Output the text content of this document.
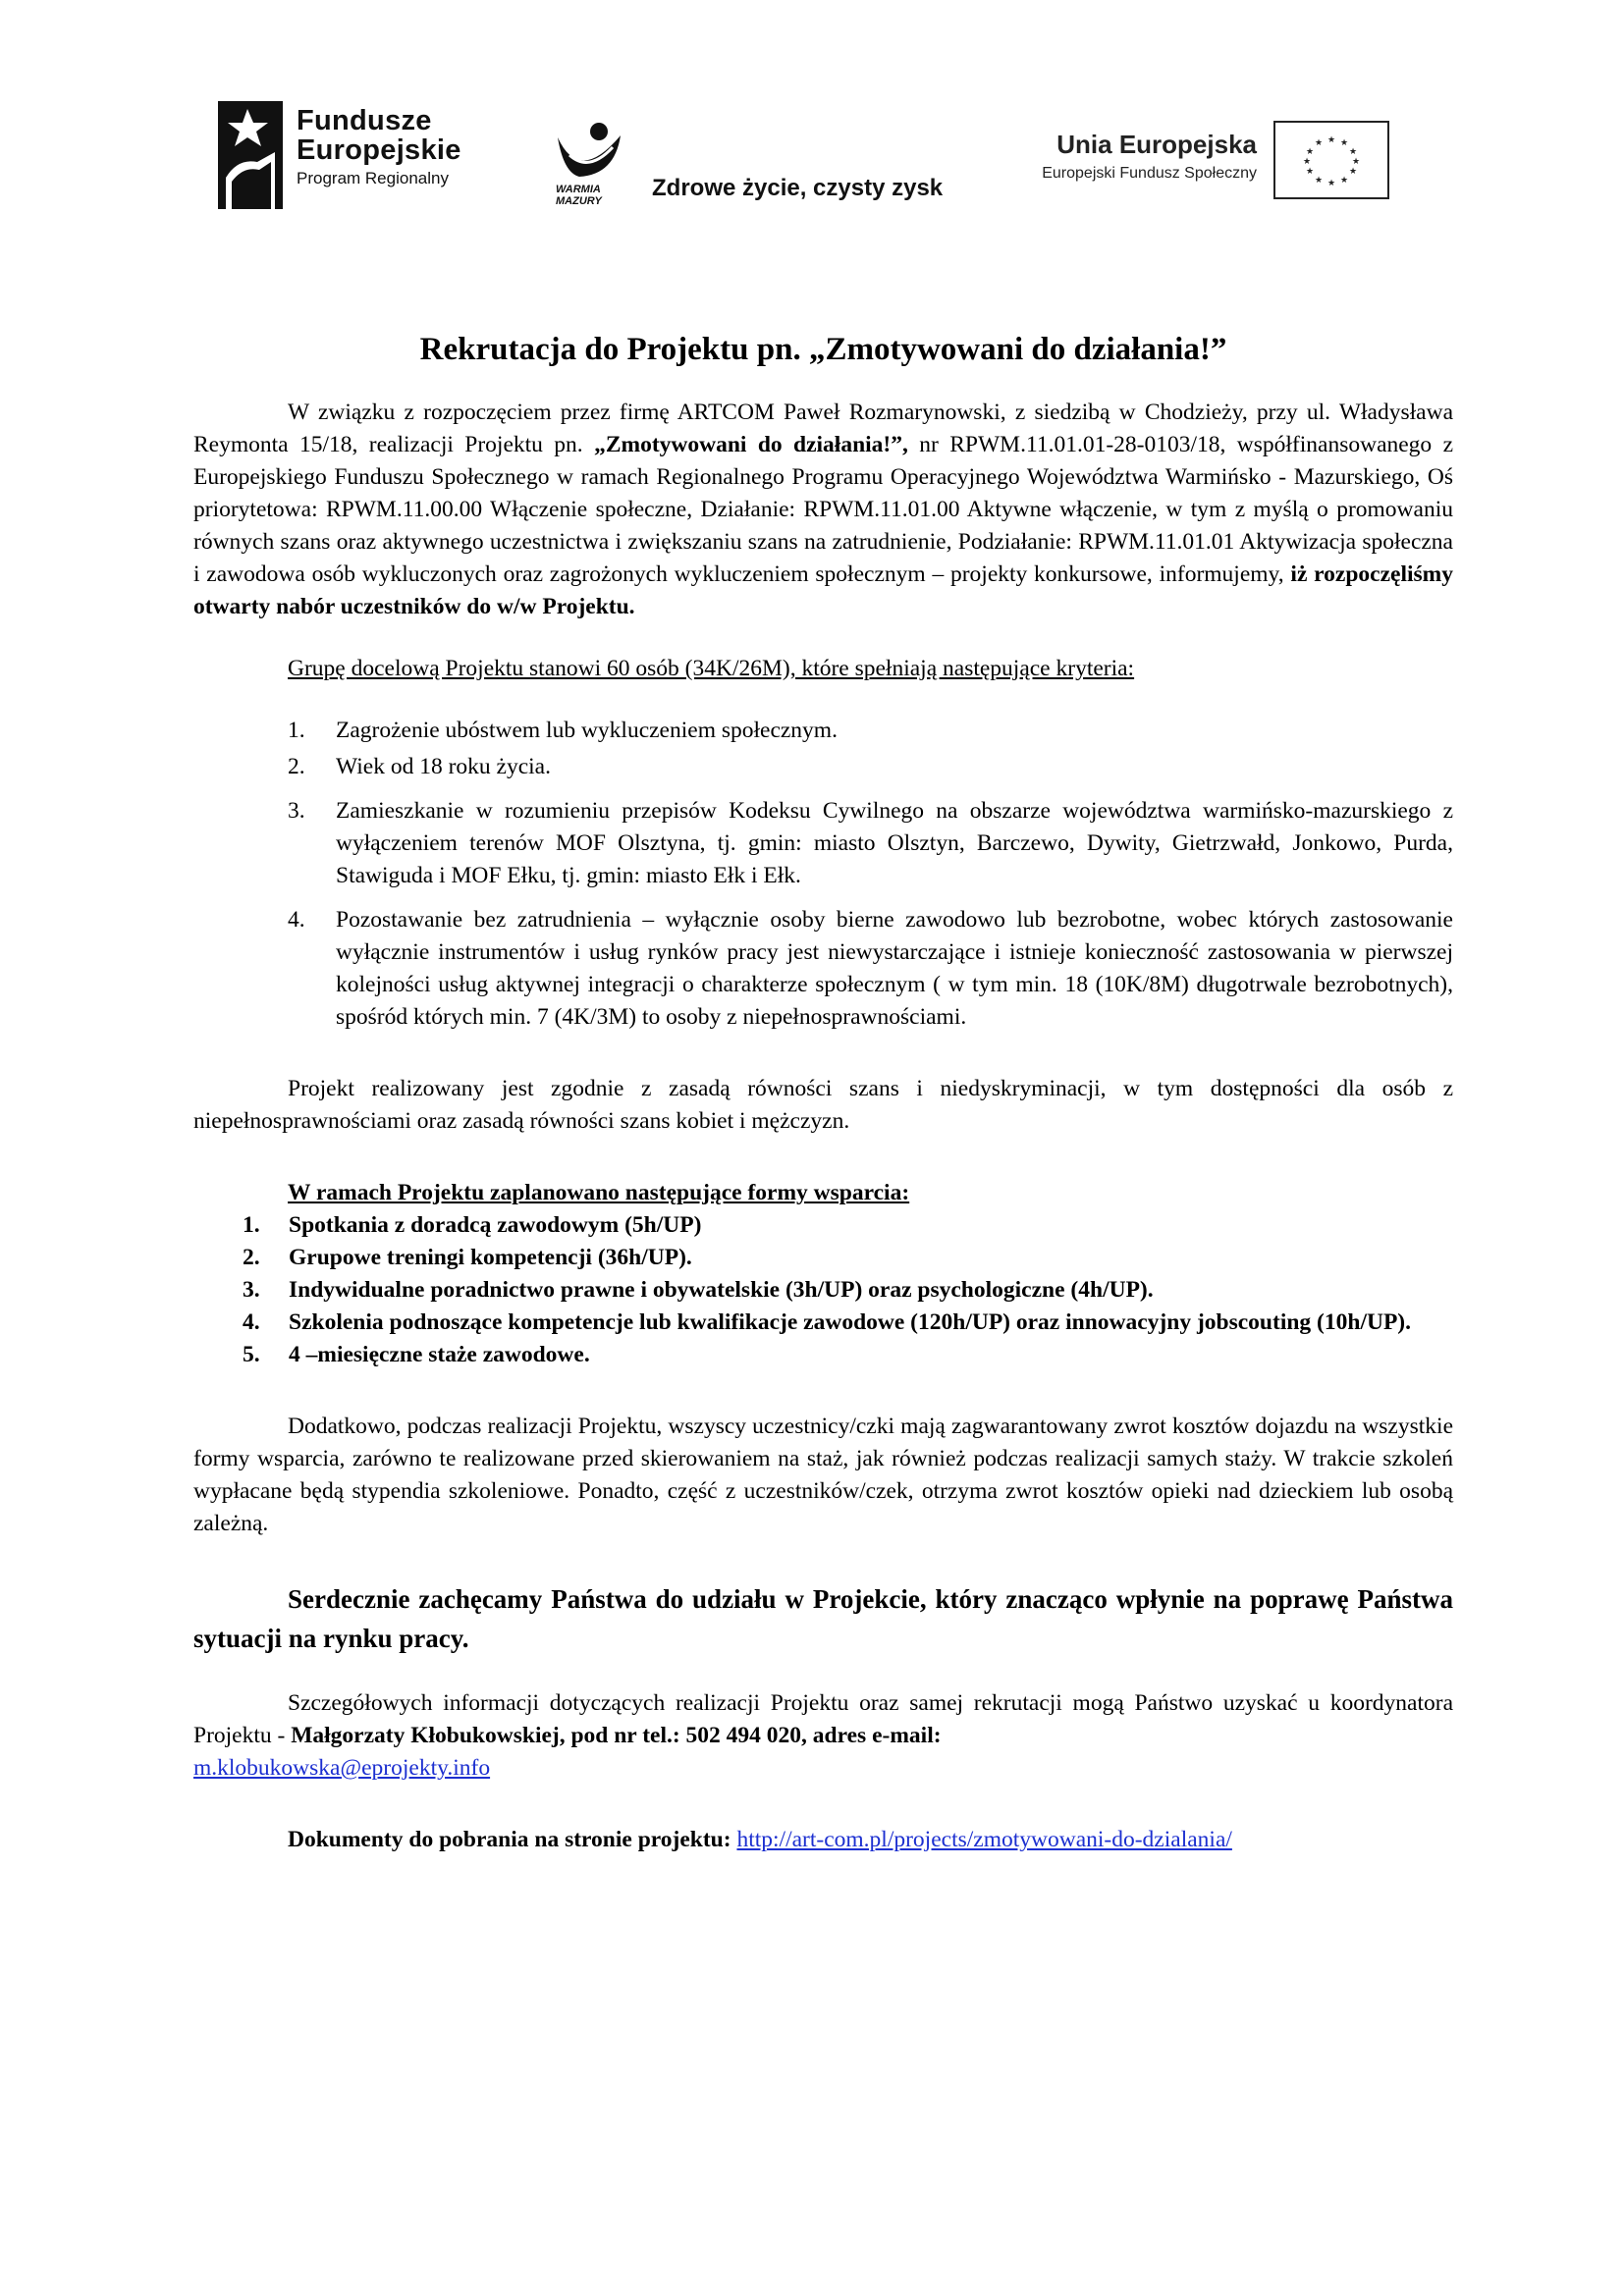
Fundusze
Europejskie
Program Regionalny
WARMIA
MAZURY Zdrowe życie, czysty zysk
Unia Europejska
Europejski Fundusz Społeczny
★ ★
★
★
★
★
★
★
★
★
★
★
Rekrutacja do Projektu pn. „Zmotywowani do działania!”

W związku z rozpoczęciem przez firmę ARTCOM Paweł Rozmarynowski, z siedzibą w Chodzieży, przy ul. Władysława Reymonta 15/18, realizacji Projektu pn. „Zmotywowani do działania!”, nr RPWM.11.01.01-28-0103/18, współfinansowanego z Europejskiego Funduszu Społecznego w ramach Regionalnego Programu Operacyjnego Województwa Warmińsko - Mazurskiego, Oś priorytetowa: RPWM.11.00.00 Włączenie społeczne, Działanie: RPWM.11.01.00 Aktywne włączenie, w tym z myślą o promowaniu równych szans oraz aktywnego uczestnictwa i zwiększaniu szans na zatrudnienie, Podziałanie: RPWM.11.01.01 Aktywizacja społeczna i zawodowa osób wykluczonych oraz zagrożonych wykluczeniem społecznym – projekty konkursowe, informujemy, iż rozpoczęliśmy otwarty nabór uczestników do w/w Projektu.

Grupę docelową Projektu stanowi 60 osób (34K/26M), które spełniają następujące kryteria:

1. Zagrożenie ubóstwem lub wykluczeniem społecznym.
2. Wiek od 18 roku życia.
3. Zamieszkanie w rozumieniu przepisów Kodeksu Cywilnego na obszarze województwa warmińsko-mazurskiego z wyłączeniem terenów MOF Olsztyna, tj. gmin: miasto Olsztyn, Barczewo, Dywity, Gietrzwałd, Jonkowo, Purda, Stawiguda i MOF Ełku, tj. gmin: miasto Ełk i Ełk.
4. Pozostawanie bez zatrudnienia – wyłącznie osoby bierne zawodowo lub bezrobotne, wobec których zastosowanie wyłącznie instrumentów i usług rynków pracy jest niewystarczające i istnieje konieczność zastosowania w pierwszej kolejności usług aktywnej integracji o charakterze społecznym ( w tym min. 18 (10K/8M) długotrwale bezrobotnych), spośród których min. 7 (4K/3M) to osoby z niepełnosprawnościami.

Projekt realizowany jest zgodnie z zasadą równości szans i niedyskryminacji, w tym dostępności dla osób z niepełnosprawnościami oraz zasadą równości szans kobiet i mężczyzn.

W ramach Projektu zaplanowano następujące formy wsparcia:

1. Spotkania z doradcą zawodowym (5h/UP)
2. Grupowe treningi kompetencji (36h/UP).
3. Indywidualne poradnictwo prawne i obywatelskie (3h/UP) oraz psychologiczne (4h/UP).
4. Szkolenia podnoszące kompetencje lub kwalifikacje zawodowe (120h/UP) oraz innowacyjny jobscouting (10h/UP).
5. 4 –miesięczne staże zawodowe.

Dodatkowo, podczas realizacji Projektu, wszyscy uczestnicy/czki mają zagwarantowany zwrot kosztów dojazdu na wszystkie formy wsparcia, zarówno te realizowane przed skierowaniem na staż, jak również podczas realizacji samych staży. W trakcie szkoleń wypłacane będą stypendia szkoleniowe. Ponadto, część z uczestników/czek, otrzyma zwrot kosztów opieki nad dzieckiem lub osobą zależną.

Serdecznie zachęcamy Państwa do udziału w Projekcie, który znacząco wpłynie na poprawę Państwa sytuacji na rynku pracy.

Szczegółowych informacji dotyczących realizacji Projektu oraz samej rekrutacji mogą Państwo uzyskać u koordynatora Projektu - Małgorzaty Kłobukowskiej, pod nr tel.: 502 494 020, adres e-mail:
m.klobukowska@eprojekty.info

Dokumenty do pobrania na stronie projektu: http://art-com.pl/projects/zmotywowani-do-dzialania/
